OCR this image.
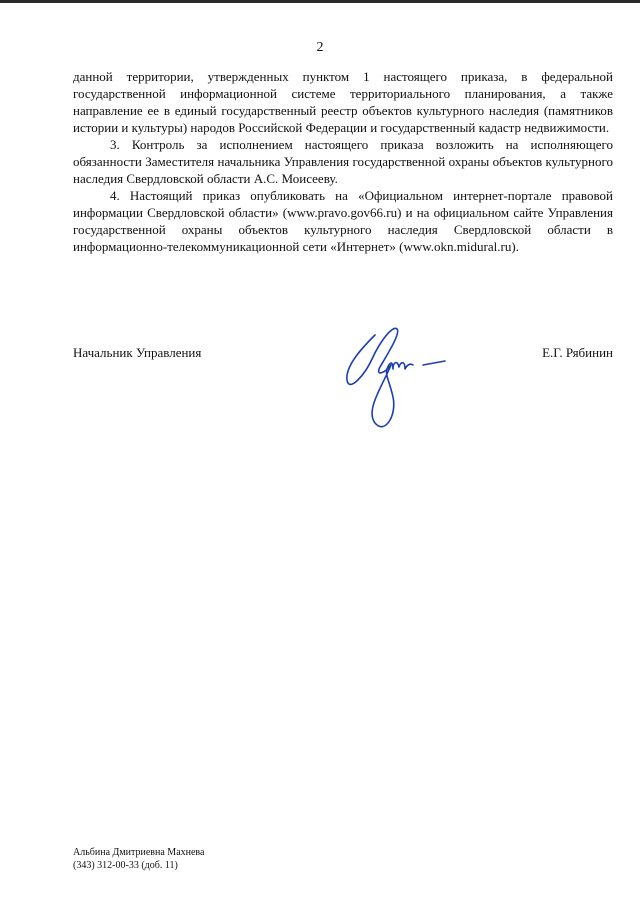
2

данной территории, утвержденных пунктом 1 настоящего приказа, в федеральной государственной информационной системе территориального планирования, а также направление ее в единый государственный реестр объектов культурного наследия (памятников истории и культуры) народов Российской Федерации и государственный кадастр недвижимости.

3. Контроль за исполнением настоящего приказа возложить на исполняющего обязанности Заместителя начальника Управления государственной охраны объектов культурного наследия Свердловской области А.С. Моисееву.

4. Настоящий приказ опубликовать на «Официальном интернет-портале правовой информации Свердловской области» (www.pravo.gov66.ru) и на официальном сайте Управления государственной охраны объектов культурного наследия Свердловской области в информационно-телекоммуникационной сети «Интернет» (www.okn.midural.ru).

Начальник Управления	Е.Г. Рябинин
Альбина Дмитриевна Махнева
(343) 312-00-33 (доб. 11)
